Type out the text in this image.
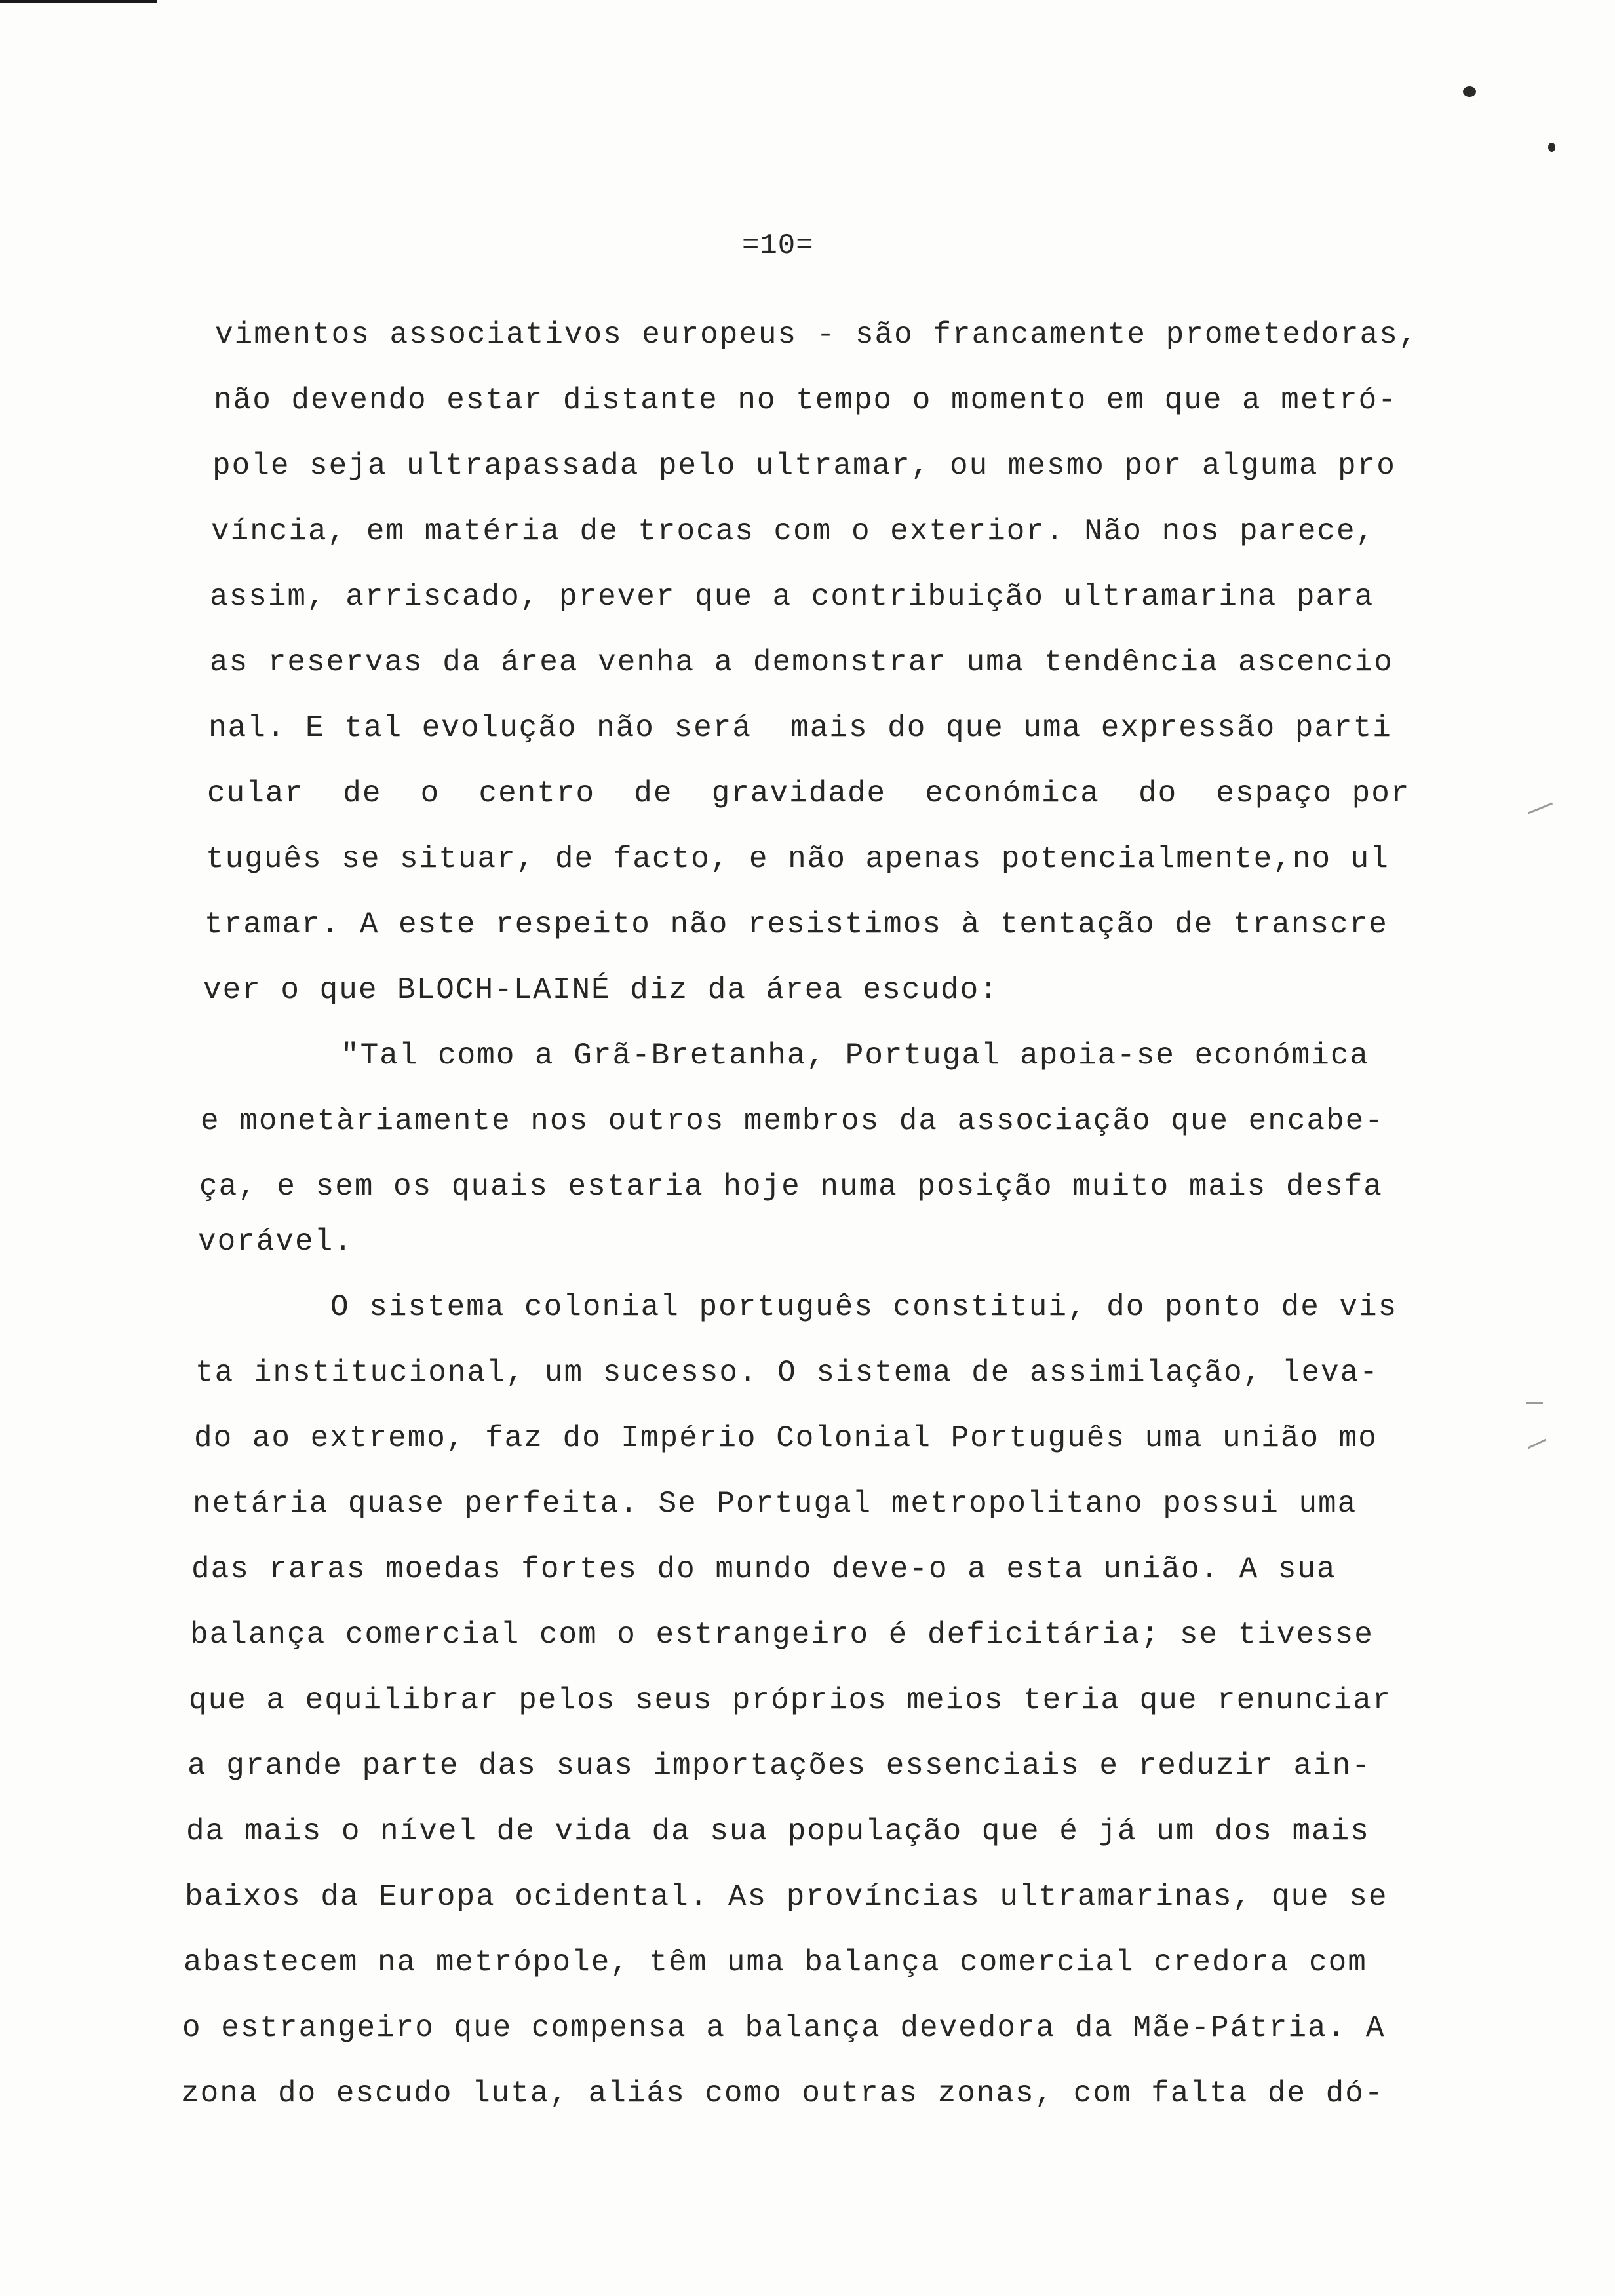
=10=
vimentos associativos europeus - são francamente prometedoras,
não devendo estar distante no tempo o momento em que a metró-
pole seja ultrapassada pelo ultramar, ou mesmo por alguma pro
víncia, em matéria de trocas com o exterior. Não nos parece,
assim, arriscado, prever que a contribuição ultramarina para
as reservas da área venha a demonstrar uma tendência ascencio
nal. E tal evolução não será  mais do que uma expressão parti
cular  de  o  centro  de  gravidade  económica  do  espaço por
tuguês se situar, de facto, e não apenas potencialmente,no ul
tramar. A este respeito não resistimos à tentação de transcre
ver o que BLOCH-LAINÉ diz da área escudo:
"Tal como a Grã-Bretanha, Portugal apoia-se económica
e monetàriamente nos outros membros da associação que encabe-
ça, e sem os quais estaria hoje numa posição muito mais desfa
vorável.
O sistema colonial português constitui, do ponto de vis
ta institucional, um sucesso. O sistema de assimilação, leva-
do ao extremo, faz do Império Colonial Português uma união mo
netária quase perfeita. Se Portugal metropolitano possui uma
das raras moedas fortes do mundo deve-o a esta união. A sua
balança comercial com o estrangeiro é deficitária; se tivesse
que a equilibrar pelos seus próprios meios teria que renunciar
a grande parte das suas importações essenciais e reduzir ain-
da mais o nível de vida da sua população que é já um dos mais
baixos da Europa ocidental. As províncias ultramarinas, que se
abastecem na metrópole, têm uma balança comercial credora com
o estrangeiro que compensa a balança devedora da Mãe-Pátria. A
zona do escudo luta, aliás como outras zonas, com falta de dó-
